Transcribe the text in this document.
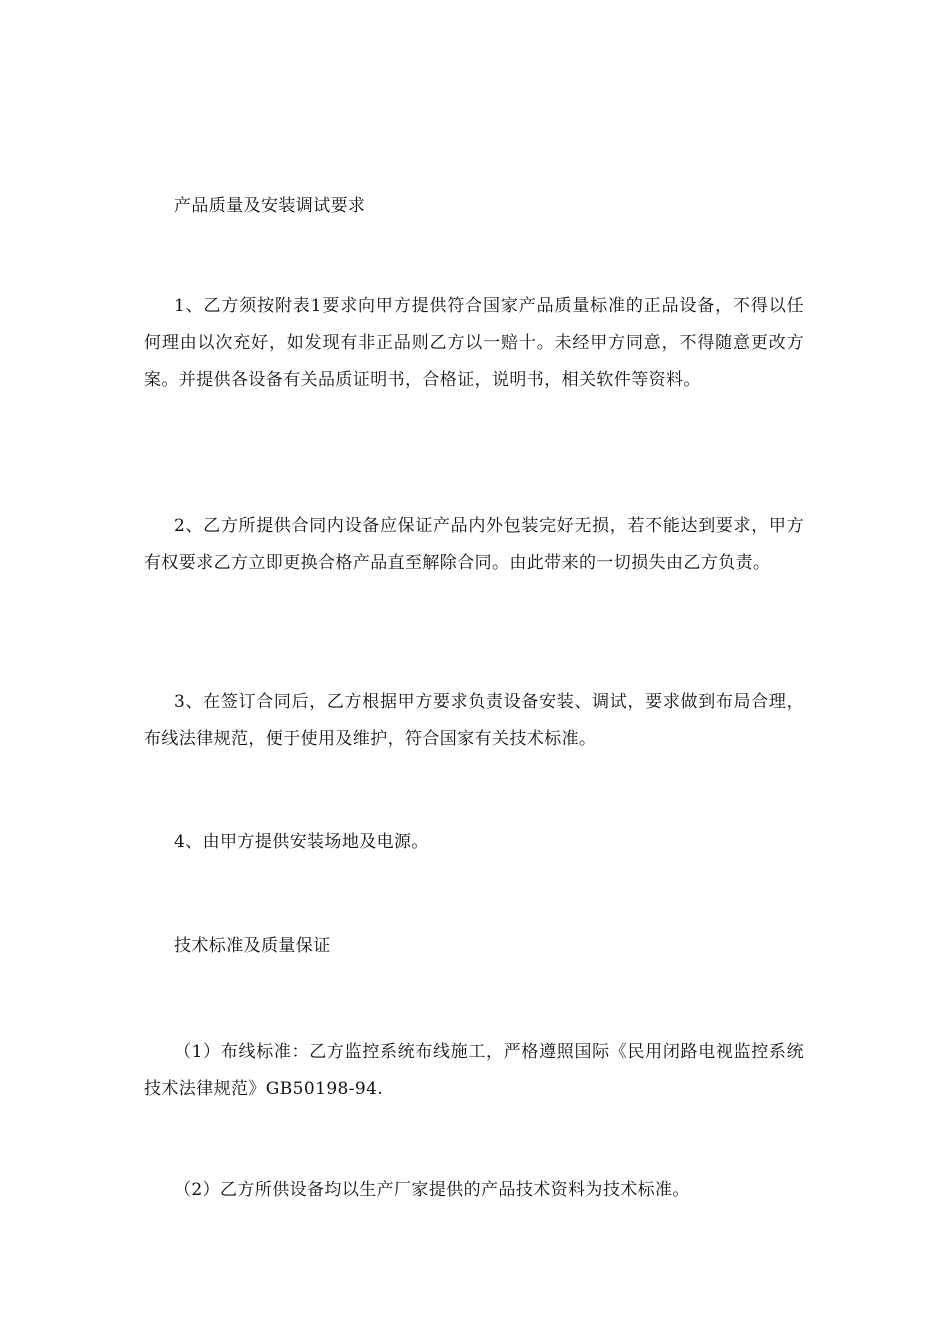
产品质量及安装调试要求

1、乙方须按附表1要求向甲方提供符合国家产品质量标准的正品设备，不得以任何理由以次充好，如发现有非正品则乙方以一赔十。未经甲方同意，不得随意更改方案。并提供各设备有关品质证明书，合格证，说明书，相关软件等资料。

2、乙方所提供合同内设备应保证产品内外包装完好无损，若不能达到要求，甲方有权要求乙方立即更换合格产品直至解除合同。由此带来的一切损失由乙方负责。

3、在签订合同后，乙方根据甲方要求负责设备安装、调试，要求做到布局合理，布线法律规范，便于使用及维护，符合国家有关技术标准。

4、由甲方提供安装场地及电源。

技术标准及质量保证

（1）布线标准：乙方监控系统布线施工，严格遵照国际《民用闭路电视监控系统技术法律规范》GB50198-94.

（2）乙方所供设备均以生产厂家提供的产品技术资料为技术标准。
